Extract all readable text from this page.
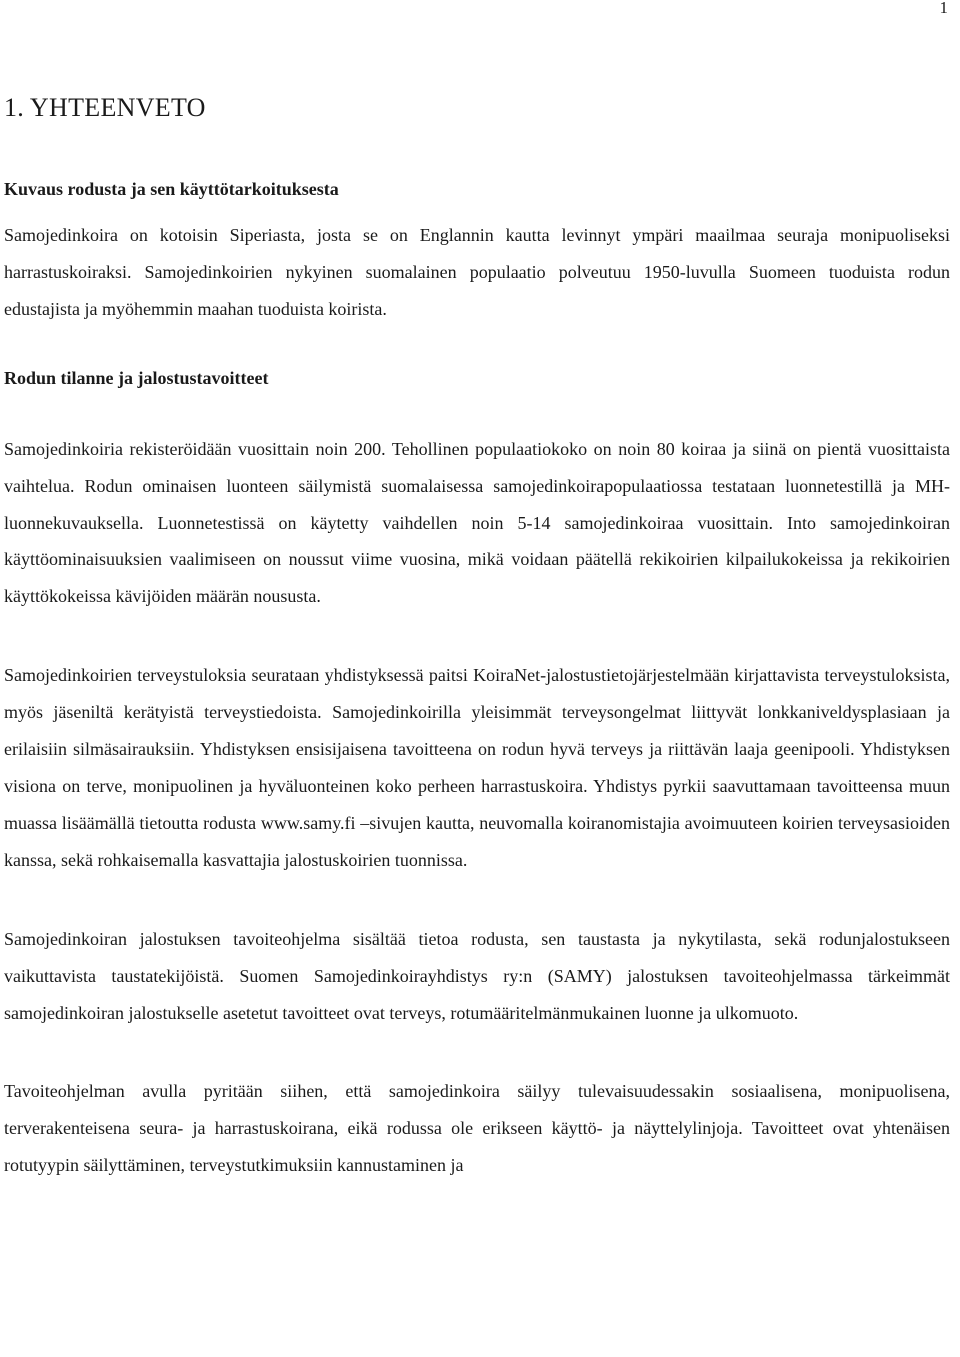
1
1. YHTEENVETO
Kuvaus rodusta ja sen käyttötarkoituksesta

Samojedinkoira on kotoisin Siperiasta, josta se on Englannin kautta levinnyt ympäri maailmaa seuraja monipuoliseksi harrastuskoiraksi. Samojedinkoirien nykyinen suomalainen populaatio polveutuu 1950-luvulla Suomeen tuoduista rodun edustajista ja myöhemmin maahan tuoduista koirista.

Rodun tilanne ja jalostustavoitteet

Samojedinkoiria rekisteröidään vuosittain noin 200. Tehollinen populaatiokoko on noin 80 koiraa ja siinä on pientä vuosittaista vaihtelua. Rodun ominaisen luonteen säilymistä suomalaisessa samojedinkoirapopulaatiossa testataan luonnetestillä ja MH-luonnekuvauksella. Luonnetestissä on käytetty vaihdellen noin 5-14 samojedinkoiraa vuosittain. Into samojedinkoiran käyttöominaisuuksien vaalimiseen on noussut viime vuosina, mikä voidaan päätellä rekikoirien kilpailukokeissa ja rekikoirien käyttökokeissa kävijöiden määrän noususta.

Samojedinkoirien terveystuloksia seurataan yhdistyksessä paitsi KoiraNet-jalostustietojärjestelmään kirjattavista terveystuloksista, myös jäseniltä kerätyistä terveystiedoista. Samojedinkoirilla yleisimmät terveysongelmat liittyvät lonkkaniveldysplasiaan ja erilaisiin silmäsairauksiin. Yhdistyksen ensisijaisena tavoitteena on rodun hyvä terveys ja riittävän laaja geenipooli. Yhdistyksen visiona on terve, monipuolinen ja hyväluonteinen koko perheen harrastuskoira. Yhdistys pyrkii saavuttamaan tavoitteensa muun muassa lisäämällä tietoutta rodusta www.samy.fi –sivujen kautta, neuvomalla koiranomistajia avoimuuteen koirien terveysasioiden kanssa, sekä rohkaisemalla kasvattajia jalostuskoirien tuonnissa.

Samojedinkoiran jalostuksen tavoiteohjelma sisältää tietoa rodusta, sen taustasta ja nykytilasta, sekä rodunjalostukseen vaikuttavista taustatekijöistä. Suomen Samojedinkoirayhdistys ry:n (SAMY) jalostuksen tavoiteohjelmassa tärkeimmät samojedinkoiran jalostukselle asetetut tavoitteet ovat terveys, rotumääritelmänmukainen luonne ja ulkomuoto.

Tavoiteohjelman avulla pyritään siihen, että samojedinkoira säilyy tulevaisuudessakin sosiaalisena, monipuolisena, terverakenteisena seura- ja harrastuskoirana, eikä rodussa ole erikseen käyttö- ja näyttelylinjoja. Tavoitteet ovat yhtenäisen rotutyypin säilyttäminen, terveystutkimuksiin kannustaminen ja
